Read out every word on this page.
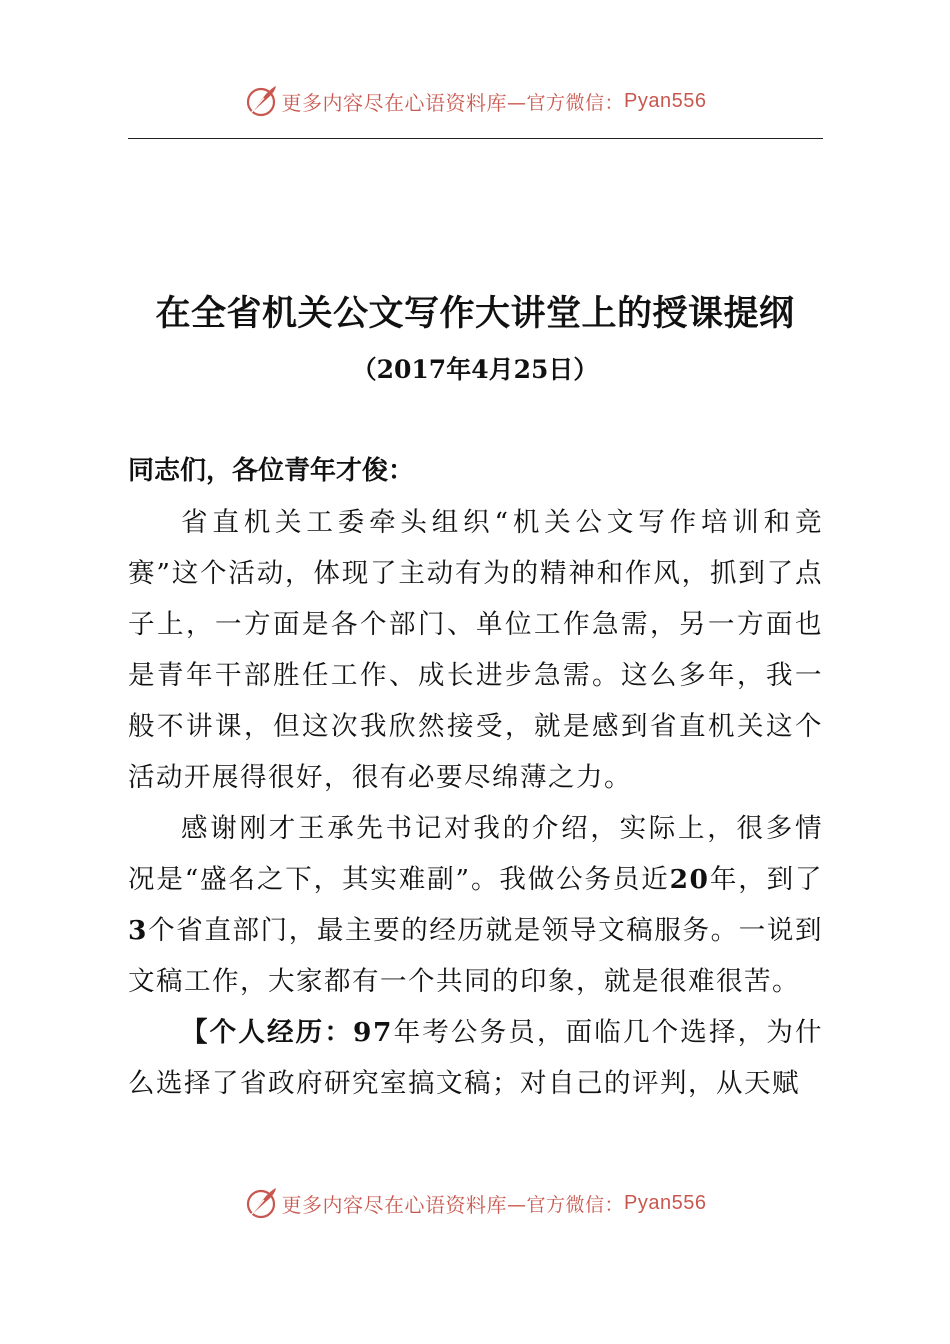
更多内容尽在心语资料库 —官方微信： Pyan556
在全省机关公文写作大讲堂上的授课提纲
（2017年4月25日）

同志们，各位青年才俊：

省直机关工委牵头组织“机关公文写作培训和竞赛”这个活动，体现了主动有为的精神和作风，抓到了点子上，一方面是各个部门、单位工作急需，另一方面也是青年干部胜任工作、成长进步急需。这么多年，我一般不讲课，但这次我欣然接受，就是感到省直机关这个活动开展得很好，很有必要尽绵薄之力。

感谢刚才王承先书记对我的介绍，实际上，很多情况是“盛名之下，其实难副”。我做公务员近20年，到了3个省直部门，最主要的经历就是领导文稿服务。一说到文稿工作，大家都有一个共同的印象，就是很难很苦。

【个人经历：97年考公务员，面临几个选择，为什么选择了省政府研究室搞文稿；对自己的评判，从天赋

更多内容尽在心语资料库 —官方微信： Pyan556
